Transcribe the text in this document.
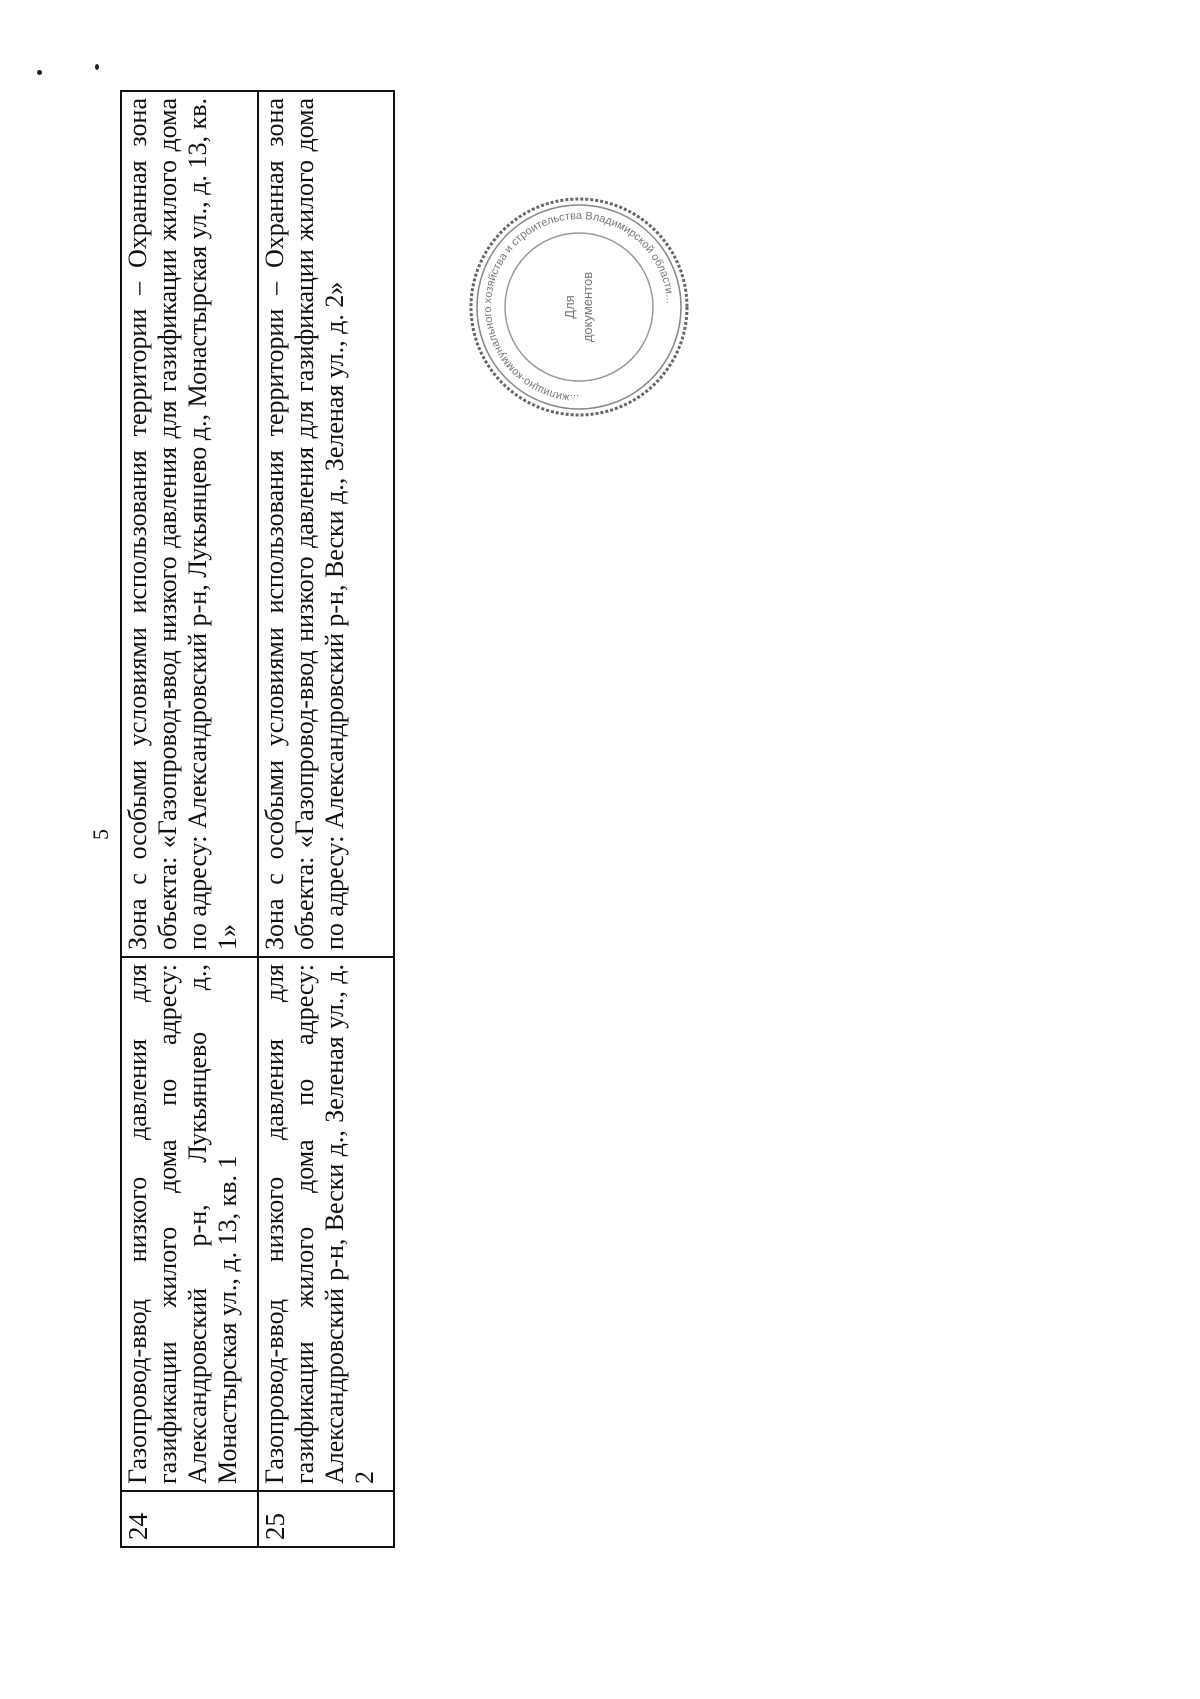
5
24	Газопровод-ввод низкого давления для газификации жилого дома по адресу: Александровский р-н, Лукьянцево д., Монастырская ул., д. 13, кв. 1	Зона с особыми условиями использования территории – Охранная зона объекта: «Газопровод-ввод низкого давления для газификации жилого дома по адресу: Александровский р-н, Лукьянцево д., Монастырская ул., д. 13, кв. 1»
25	Газопровод-ввод низкого давления для газификации жилого дома по адресу: Александровский р-н, Вески д., Зеленая ул., д. 2	Зона с особыми условиями использования территории – Охранная зона объекта: «Газопровод-ввод низкого давления для газификации жилого дома по адресу: Александровский р-н, Вески д., Зеленая ул., д. 2»	...жилищно-коммунального хозяйства и строительства Владимирской области...
Для документов
